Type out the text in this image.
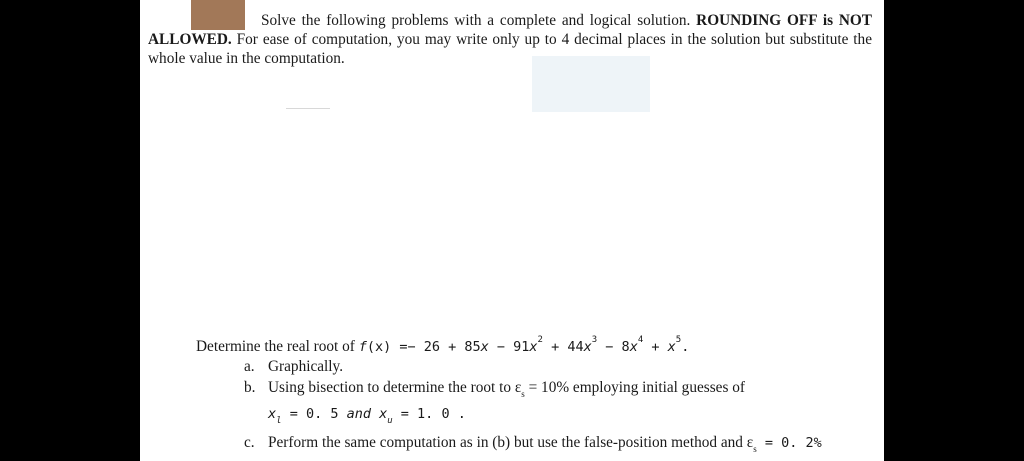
Solve the following problems with a complete and logical solution. ROUNDING OFF is NOT ALLOWED. For ease of computation, you may write only up to 4 decimal places in the solution but substitute the whole value in the computation.
Determine the real root of $f(x) =- 26 + 85x - 91x^2 + 44x^3 - 8x^4 + x^5$.
a. Graphically.
b. Using bisection to determine the root to $\varepsilon_s = 10\%$ employing initial guesses of
$x_l = 0$. 5 and $x_u = 1$. 0 .
c. Perform the same computation as in (b) but use the false-position method and $\varepsilon_s = 0$. 2%
